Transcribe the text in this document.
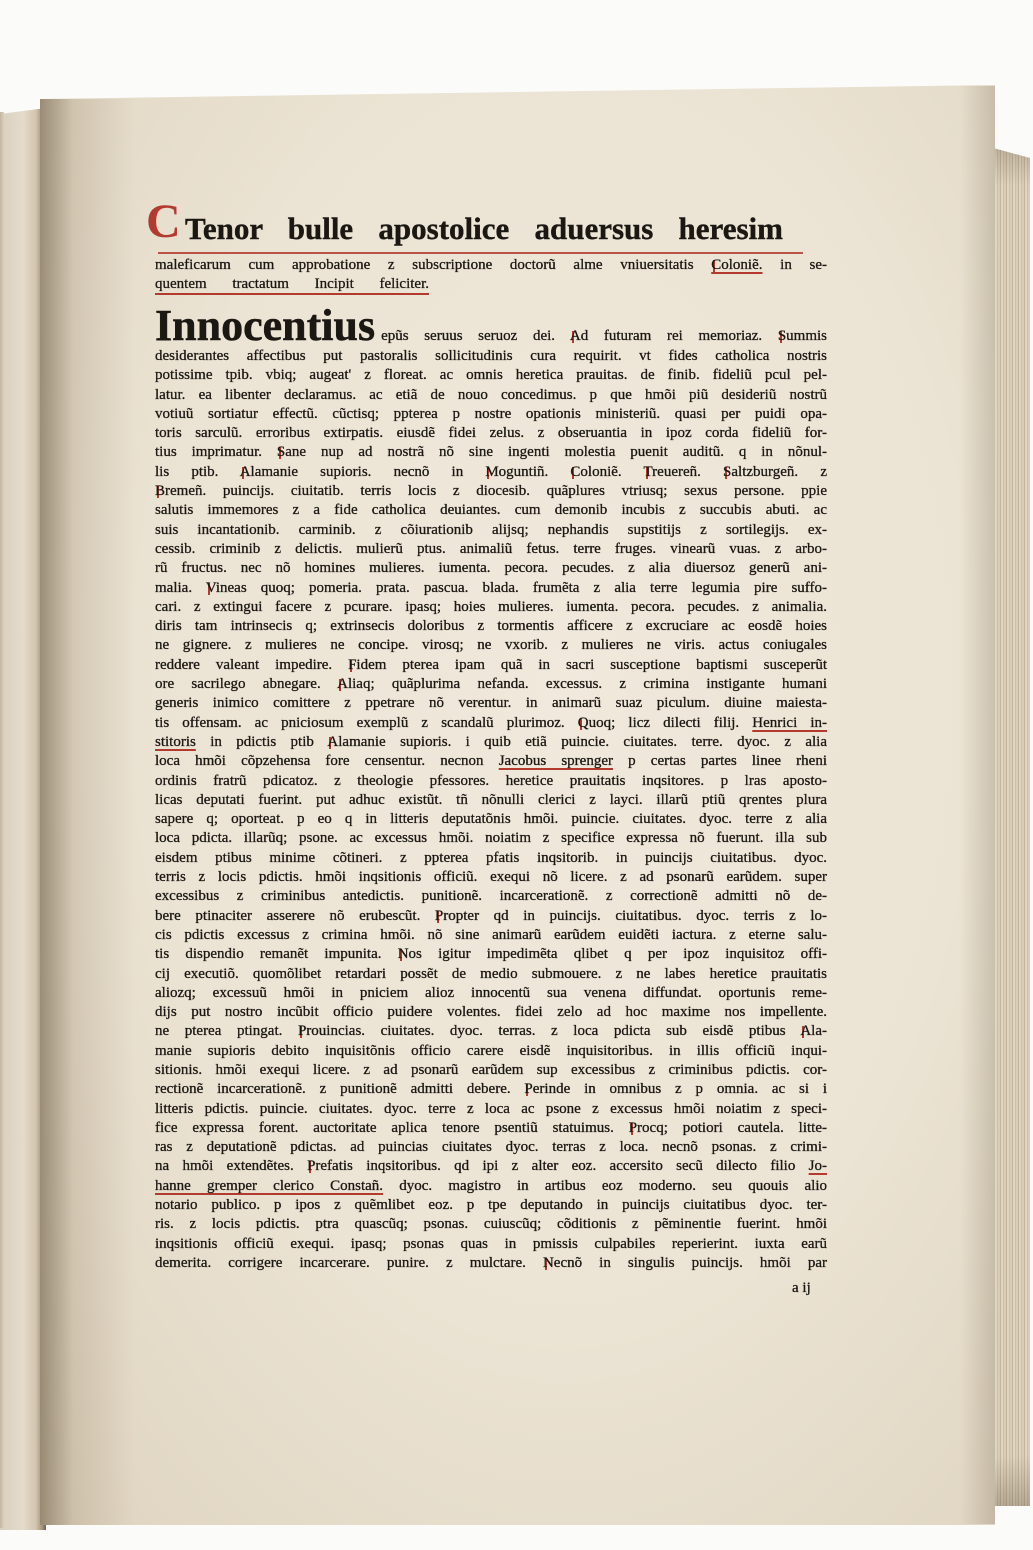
C Tenor bulle apostolice aduersus heresim
maleficarum cum approbatione z subscriptione doctorũ alme vniuersitatis Coloniẽ. in se-
quentem tractatum Incipit feliciter.
Innocentius epũs seruus seruoz dei. Ad futuram rei memoriaz. Summis
desiderantes affectibus put pastoralis sollicitudinis cura requirit. vt fides catholica nostris
potissime tpib. vbiq; augeat' z floreat. ac omnis heretica prauitas. de finib. fideliũ pcul pel-
latur. ea libenter declaramus. ac etiã de nouo concedimus. p que hmõi piũ desideriũ nostrũ
votiuũ sortiatur effectũ. cũctisq; ppterea p nostre opationis ministeriũ. quasi per puidi opa-
toris sarculũ. erroribus extirpatis. eiusdẽ fidei zelus. z obseruantia in ipoz corda fideliũ for-
tius imprimatur. Sane nup ad nostrã nõ sine ingenti molestia puenit auditũ. q in nõnul-
lis ptib. Alamanie supioris. necnõ in Moguntiñ. Coloniẽ. Treuereñ. Saltzburgeñ. z
Bremeñ. puincijs. ciuitatib. terris locis z diocesib. quãplures vtriusq; sexus persone. ppie
salutis immemores z a fide catholica deuiantes. cum demonib incubis z succubis abuti. ac
suis incantationib. carminib. z cõiurationib alijsq; nephandis supstitijs z sortilegijs. ex-
cessib. criminib z delictis. mulierũ ptus. animaliũ fetus. terre fruges. vinearũ vuas. z arbo-
rũ fructus. nec nõ homines mulieres. iumenta. pecora. pecudes. z alia diuersoz generũ ani-
malia. Vineas quoq; pomeria. prata. pascua. blada. frumẽta z alia terre legumia pire suffo-
cari. z extingui facere z pcurare. ipasq; hoies mulieres. iumenta. pecora. pecudes. z animalia.
diris tam intrinsecis q; extrinsecis doloribus z tormentis afficere z excruciare ac eosdẽ hoies
ne gignere. z mulieres ne concipe. virosq; ne vxorib. z mulieres ne viris. actus coniugales
reddere valeant impedire. Fidem pterea ipam quã in sacri susceptione baptismi susceperũt
ore sacrilego abnegare. Aliaq; quãplurima nefanda. excessus. z crimina instigante humani
generis inimico comittere z ppetrare nõ verentur. in animarũ suaz piculum. diuine maiesta-
tis offensam. ac pniciosum exemplũ z scandalũ plurimoz. Quoq; licz dilecti filij. Henrici in-
stitoris in pdictis ptib Alamanie supioris. i quib etiã puincie. ciuitates. terre. dyoc. z alia
loca hmõi cõpzehensa fore censentur. necnon Jacobus sprenger p certas partes linee rheni
ordinis fratrũ pdicatoz. z theologie pfessores. heretice prauitatis inqsitores. p lras aposto-
licas deputati fuerint. put adhuc existũt. tñ nõnulli clerici z layci. illarũ ptiũ qrentes plura
sapere q; oporteat. p eo q in litteris deputatõnis hmõi. puincie. ciuitates. dyoc. terre z alia
loca pdicta. illarũq; psone. ac excessus hmõi. noiatim z specifice expressa nõ fuerunt. illa sub
eisdem ptibus minime cõtineri. z ppterea pfatis inqsitorib. in puincijs ciuitatibus. dyoc.
terris z locis pdictis. hmõi inqsitionis officiũ. exequi nõ licere. z ad psonarũ earũdem. super
excessibus z criminibus antedictis. punitionẽ. incarcerationẽ. z correctionẽ admitti nõ de-
bere ptinaciter asserere nõ erubescũt. Propter qd in puincijs. ciuitatibus. dyoc. terris z lo-
cis pdictis excessus z crimina hmõi. nõ sine animarũ earũdem euidẽti iactura. z eterne salu-
tis dispendio remanẽt impunita. Nos igitur impedimẽta qlibet q per ipoz inquisitoz offi-
cij executiõ. quomõlibet retardari possẽt de medio submouere. z ne labes heretice prauitatis
aliozq; excessuũ hmõi in pniciem alioz innocentũ sua venena diffundat. oportunis reme-
dijs put nostro incũbit officio puidere volentes. fidei zelo ad hoc maxime nos impellente.
ne pterea ptingat. Prouincias. ciuitates. dyoc. terras. z loca pdicta sub eisdẽ ptibus Ala-
manie supioris debito inquisitõnis officio carere eisdẽ inquisitoribus. in illis officiũ inqui-
sitionis. hmõi exequi licere. z ad psonarũ earũdem sup excessibus z criminibus pdictis. cor-
rectionẽ incarcerationẽ. z punitionẽ admitti debere. Perinde in omnibus z p omnia. ac si i
litteris pdictis. puincie. ciuitates. dyoc. terre z loca ac psone z excessus hmõi noiatim z speci-
fice expressa forent. auctoritate aplica tenore psentiũ statuimus. Procq; potiori cautela. litte-
ras z deputationẽ pdictas. ad puincias ciuitates dyoc. terras z loca. necnõ psonas. z crimi-
na hmõi extendẽtes. Prefatis inqsitoribus. qd ipi z alter eoz. accersito secũ dilecto filio Jo-
hanne gremper clerico Constañ. dyoc. magistro in artibus eoz moderno. seu quouis alio
notario publico. p ipos z quẽmlibet eoz. p tpe deputando in puincijs ciuitatibus dyoc. ter-
ris. z locis pdictis. ptra quascũq; psonas. cuiuscũq; cõditionis z pẽminentie fuerint. hmõi
inqsitionis officiũ exequi. ipasq; psonas quas in pmissis culpabiles reperierint. iuxta earũ
demerita. corrigere incarcerare. punire. z mulctare. Necnõ in singulis puincijs. hmõi par
a ij
